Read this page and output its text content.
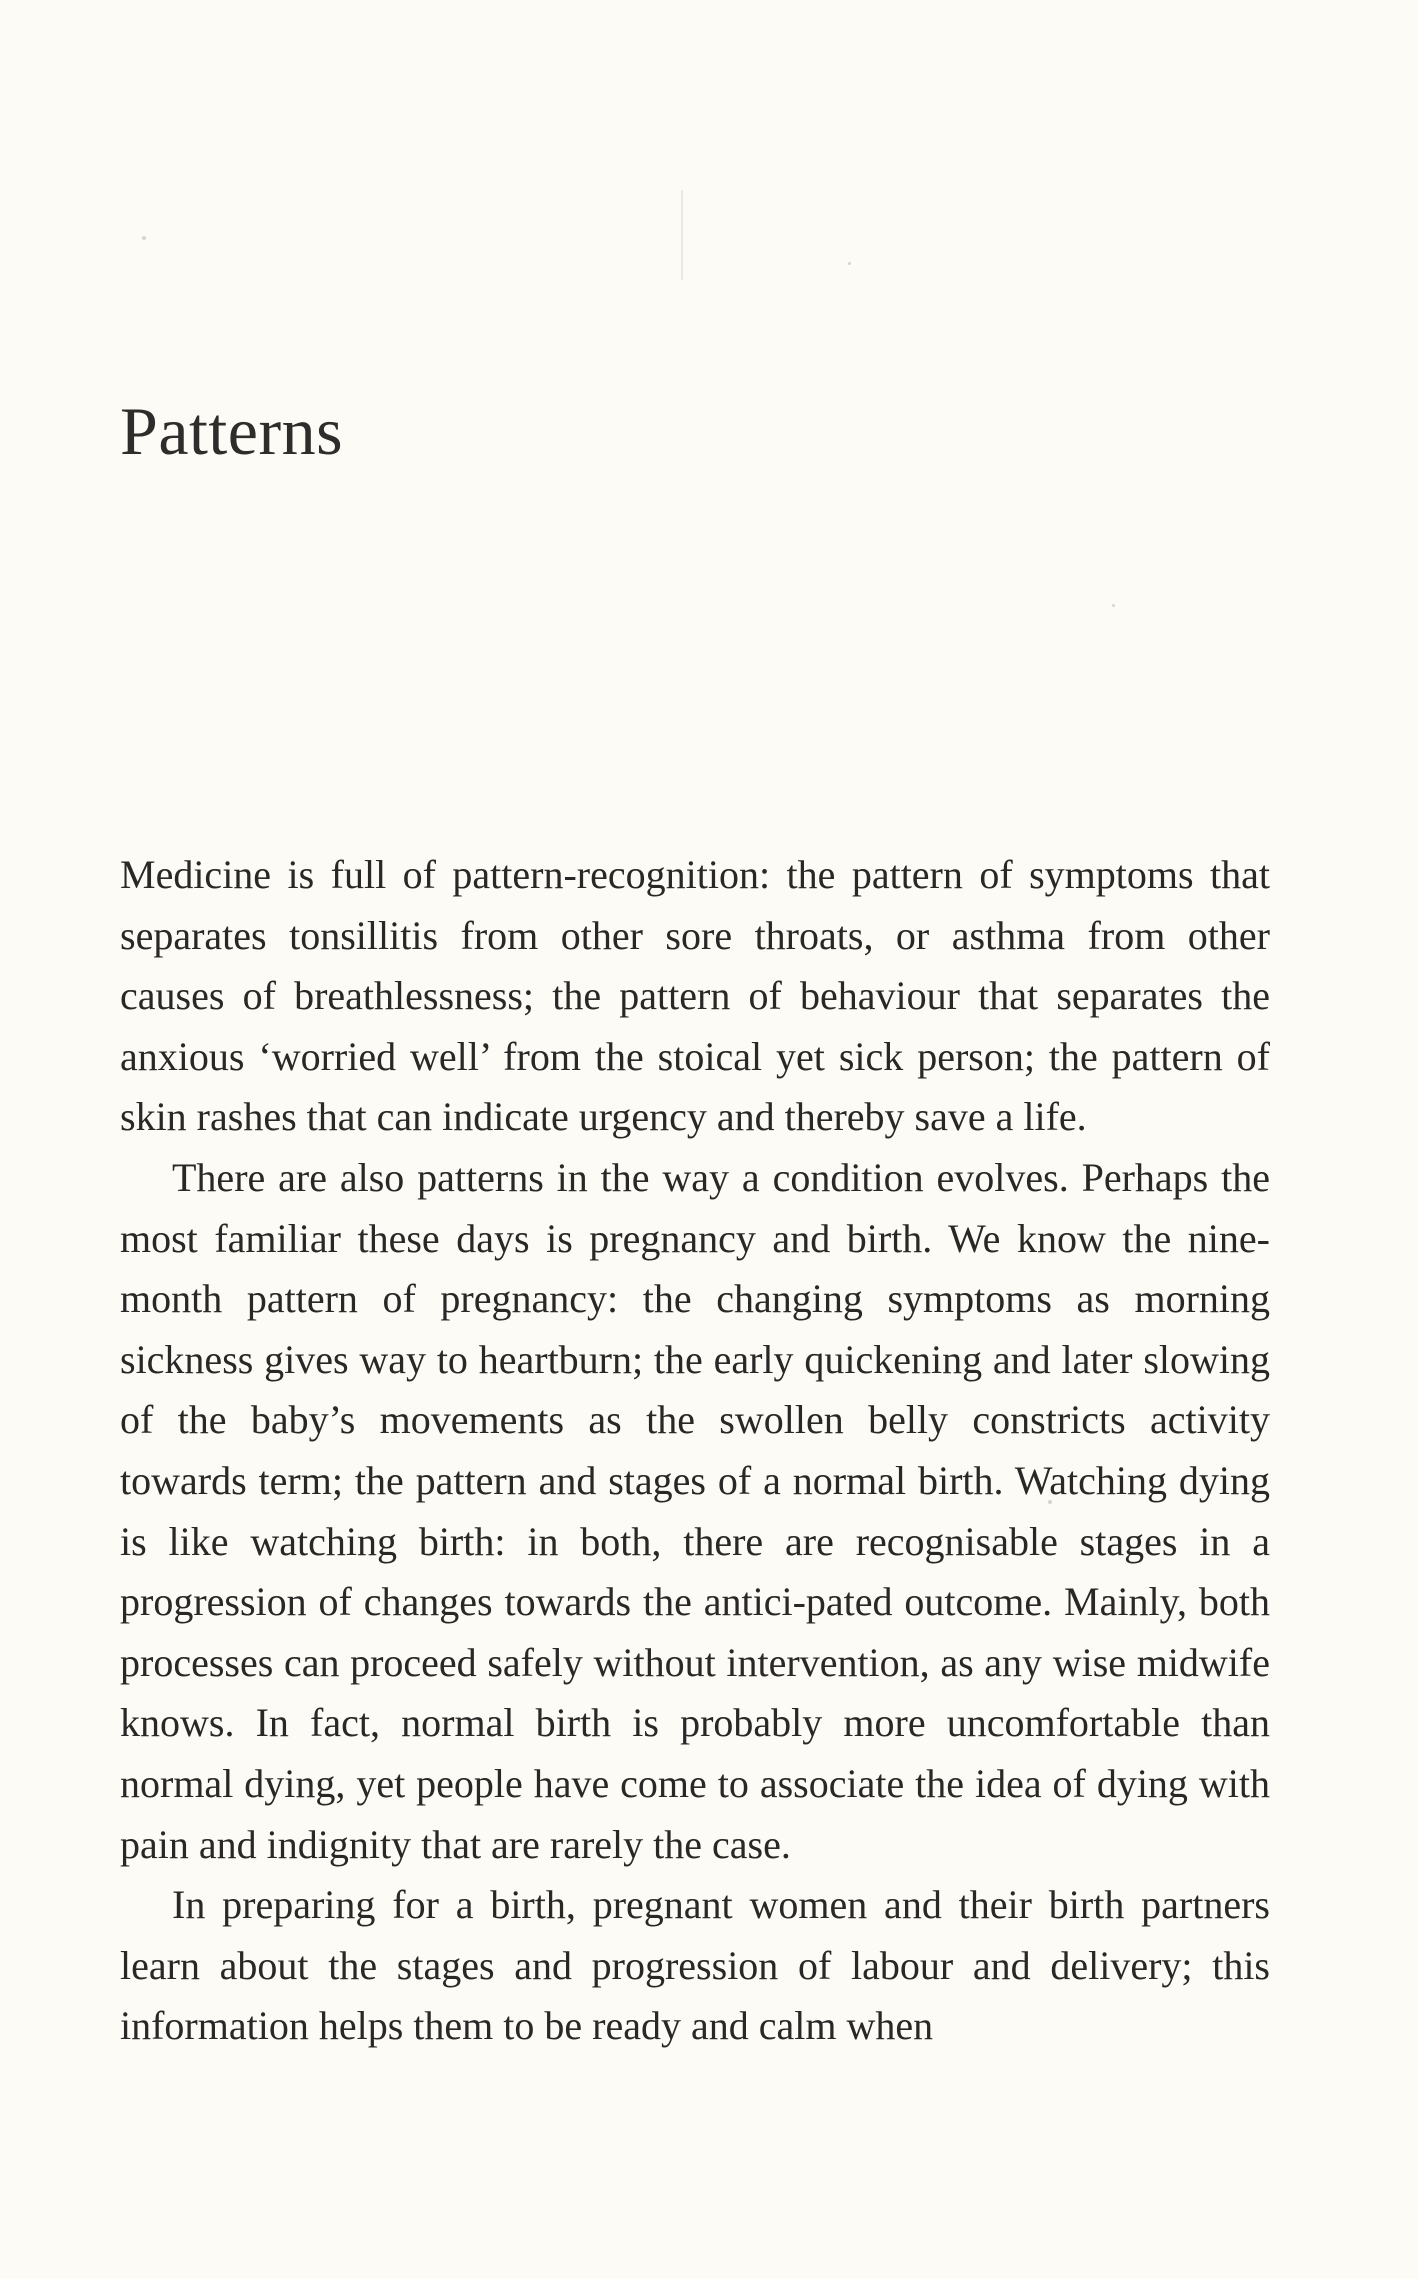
Patterns

Medicine is full of pattern-recognition: the pattern of symptoms that separates tonsillitis from other sore throats, or asthma from other causes of breathlessness; the pattern of behaviour that separates the anxious ‘worried well’ from the stoical yet sick person; the pattern of skin rashes that can indicate urgency and thereby save a life.

There are also patterns in the way a condition evolves. Perhaps the most familiar these days is pregnancy and birth. We know the nine-month pattern of pregnancy: the changing symptoms as morning sickness gives way to heartburn; the early quickening and later slowing of the baby’s movements as the swollen belly constricts activity towards term; the pattern and stages of a normal birth. Watching dying is like watching birth: in both, there are recognisable stages in a progression of changes towards the antici-pated outcome. Mainly, both processes can proceed safely without intervention, as any wise midwife knows. In fact, normal birth is probably more uncomfortable than normal dying, yet people have come to associate the idea of dying with pain and indignity that are rarely the case.

In preparing for a birth, pregnant women and their birth partners learn about the stages and progression of labour and delivery; this information helps them to be ready and calm when
